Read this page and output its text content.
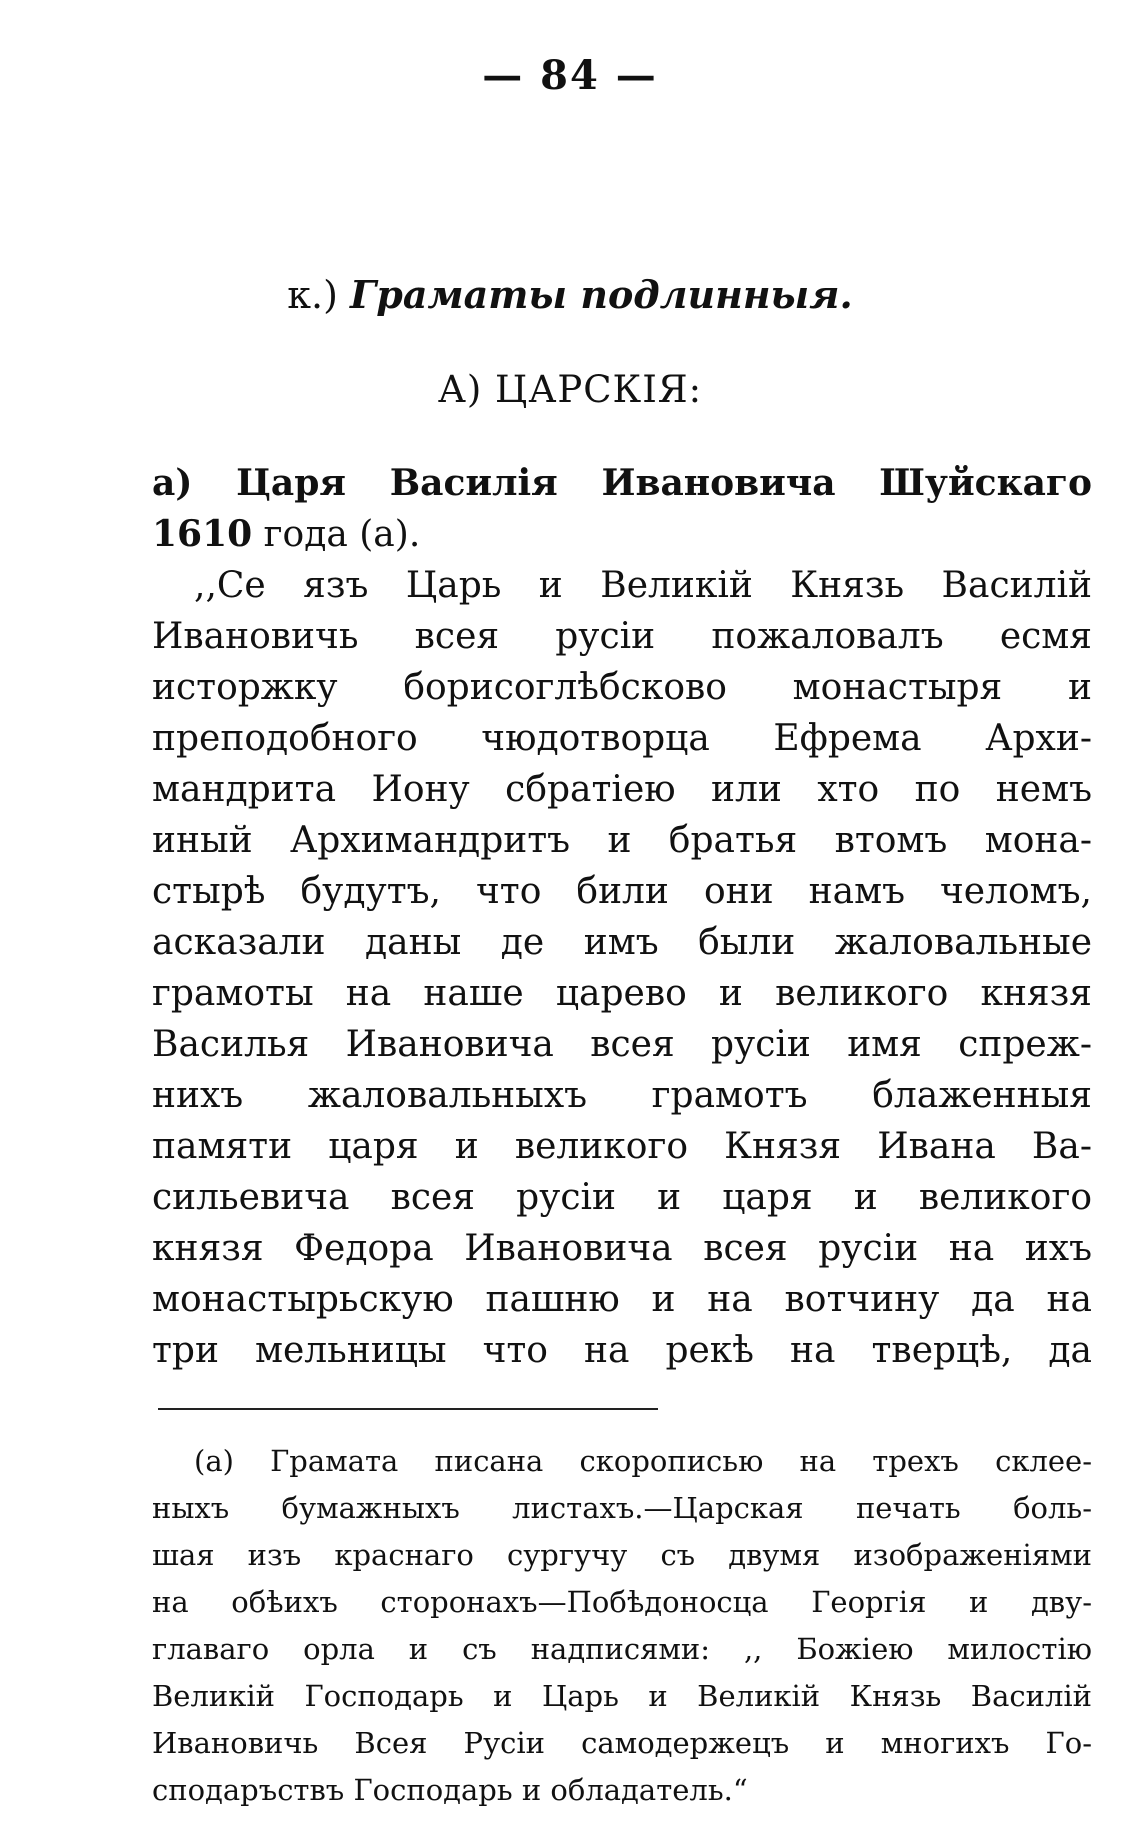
— 84 —
к.) Граматы подлинныя.
А) ЦАРСКIЯ:
а) Царя Василія Ивановича Шуйскаго
1610 года (а).
,,Се язъ Царь и Великій Князь Василій
Ивановичь всея русіи пожаловалъ есмя
исторжку борисоглѣбсково монастыря и
преподобного чюдотворца Ефрема Архи-
мандрита Иону сбратіею или хто по немъ
иный Архимандритъ и братья втомъ мона-
стырѣ будутъ, что били они намъ челомъ,
асказали даны де имъ были жаловальные
грамоты на наше царево и великого князя
Василья Ивановича всея русіи имя спреж-
нихъ жаловальныхъ грамотъ блаженныя
памяти царя и великого Князя Ивана Ва-
сильевича всея русіи и царя и великого
князя Федора Ивановича всея русіи на ихъ
монастырьскую пашню и на вотчину да на
три мельницы что на рекѣ на тверцѣ, да
(а) Грамата писана скорописью на трехъ склее-
ныхъ бумажныхъ листахъ.—Царская печать боль-
шая изъ краснаго сургучу съ двумя изображеніями
на обѣихъ сторонахъ—Побѣдоносца Георгія и дву-
главаго орла и съ надписями: ,, Божіею милостію
Великій Господарь и Царь и Великій Князь Василій
Ивановичь Всея Русіи самодержецъ и многихъ Го-
сподаръствъ Господарь и обладатель.“
